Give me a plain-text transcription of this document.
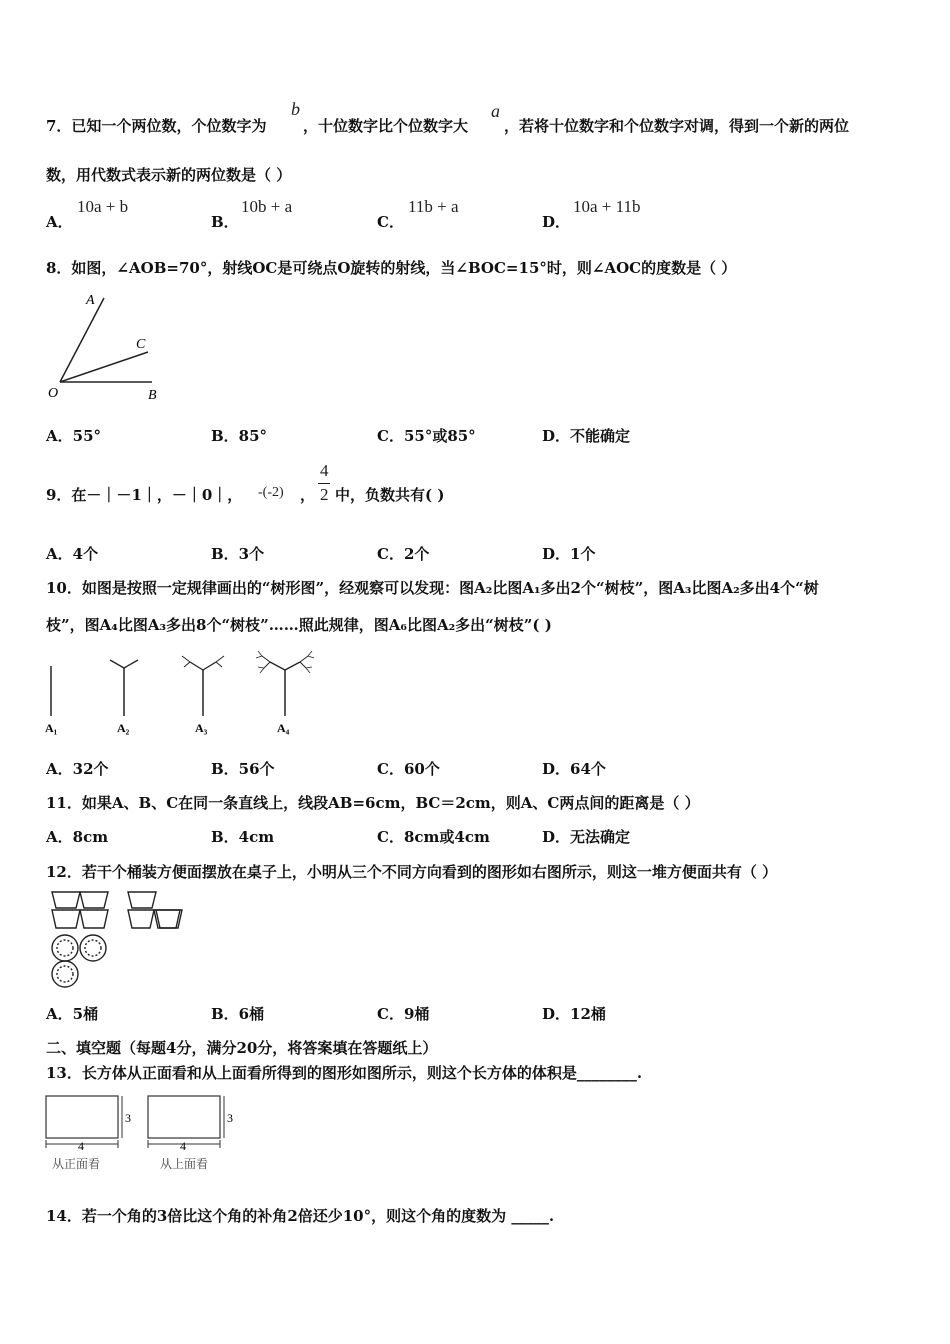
7．已知一个两位数，个位数字为
b
，十位数字比个位数字大
a
，若将十位数字和个位数字对调，得到一个新的两位
数，用代数式表示新的两位数是（ ）
A．
10a + b
B．
10b + a
C．
11b + a
D．
10a + 11b
8．如图，∠AOB=70°，射线OC是可绕点O旋转的射线，当∠BOC=15°时，则∠AOC的度数是（ ）
A
C
O	B
A．55°	B．85°	C．55°或85°	D．不能确定
9．在－｜－1｜，－｜0｜， -(-2) ，
4
2 中，负数共有( )
A．4个	B．3个	C．2个	D．1个
10．如图是按照一定规律画出的“树形图”，经观察可以发现：图A₂比图A₁多出2个“树枝”，图A₃比图A₂多出4个“树
枝”，图A₄比图A₃多出8个“树枝”……照此规律，图A₆比图A₂多出“树枝”( )
A₁	A₂	A₃	A₄
A．32个	B．56个	C．60个	D．64个
11．如果A、B、C在同一条直线上，线段AB=6cm，BC＝2cm，则A、C两点间的距离是（ ）
A．8cm	B．4cm	C．8cm或4cm	D．无法确定
12．若干个桶装方便面摆放在桌子上，小明从三个不同方向看到的图形如右图所示，则这一堆方便面共有（ ）
A．5桶	B．6桶	C．9桶	D．12桶
二、填空题（每题4分，满分20分，将答案填在答题纸上）
13．长方体从正面看和从上面看所得到的图形如图所示，则这个长方体的体积是________.
3
4
从正面看
3
4
从上面看
14．若一个角的3倍比这个角的补角2倍还少10°，则这个角的度数为 _____.
